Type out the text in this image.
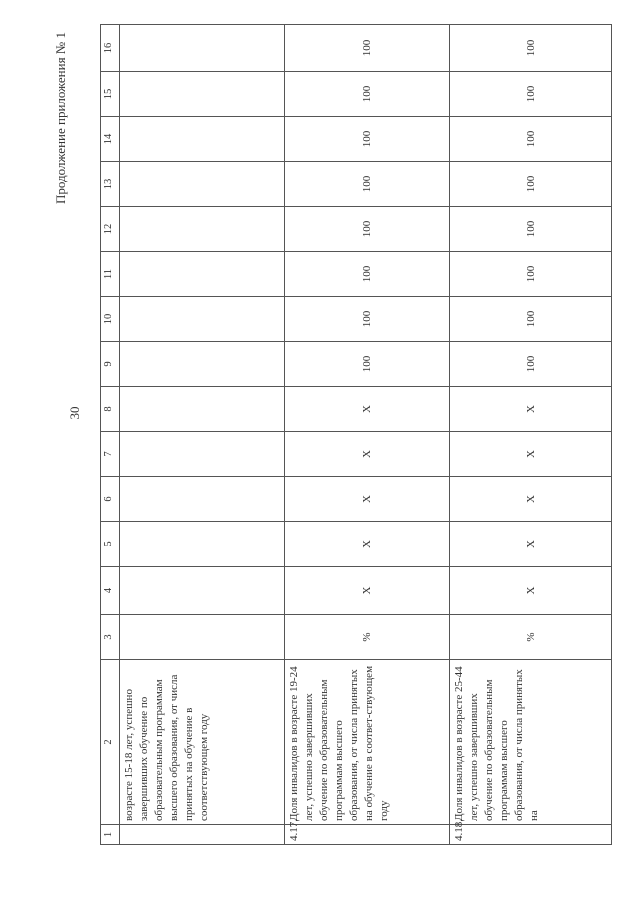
30
Продолжение приложения № 1
1	2	3	4	5	6	7	8	9	10	11	12	13	14	15	16
	возрасте 15-18 лет, успешно завершивших обучение по образовательным программам высшего образования, от числа принятых на обучение в соответствующем году														
4.17.	Доля инвалидов в возрасте 19-24 лет, успешно завершивших обучение по образовательным программам высшего образования, от числа принятых на обучение в соответ-ствующем году	%	X	X	X	X	X	100	100	100	100	100	100	100	100
4.18.	Доля инвалидов в возрасте 25-44 лет, успешно завершивших обучение по образовательным программам высшего образования, от числа принятых на	%	X	X	X	X	X	100	100	100	100	100	100	100	100
